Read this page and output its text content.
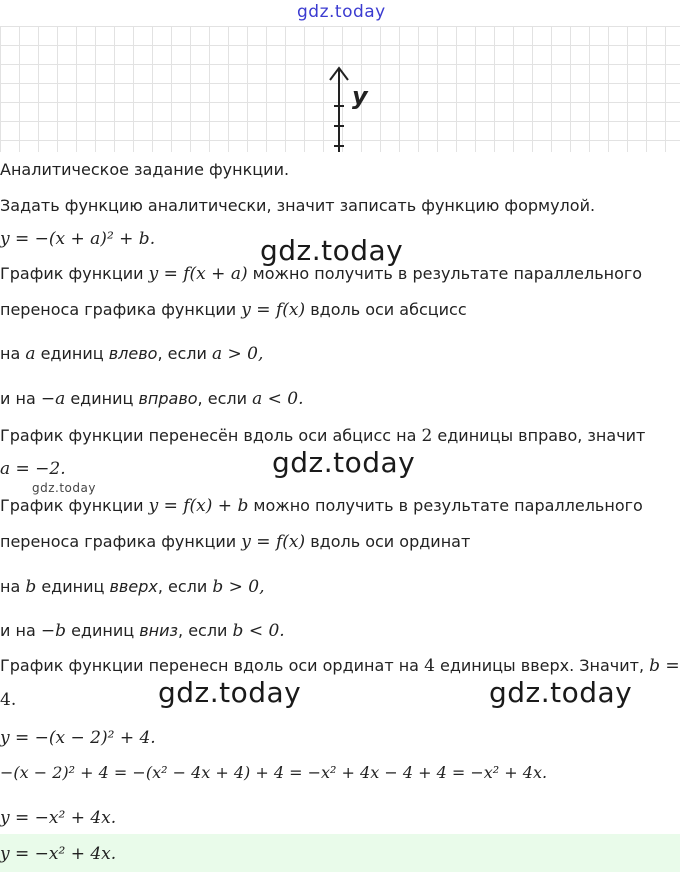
gdz.today
y
Аналитическое задание функции.
Задать функцию аналитически, значит записать функцию формулой.
y = −(x + a)² + b.
График функции y = f(x + a) можно получить в результате параллельного
переноса графика функции y = f(x) вдоль оси абсцисс
на a единиц влево, если a > 0,
и на −a единиц вправо, если a < 0.
График функции перенесён вдоль оси абцисс на 2 единицы вправо, значит
a = −2.
gdz.today
gdz.today
gdz.today
График функции y = f(x) + b можно получить в результате параллельного
переноса графика функции y = f(x) вдоль оси ординат
на b единиц вверх, если b > 0,
и на −b единиц вниз, если b < 0.
График функции перенесн вдоль оси ординат на 4 единицы вверх. Значит, b =
4.	gdz.today	gdz.today
y = −(x − 2)² + 4.
−(x − 2)² + 4 = −(x² − 4x + 4) + 4 = −x² + 4x − 4 + 4 = −x² + 4x.
y = −x² + 4x.
y = −x² + 4x.
